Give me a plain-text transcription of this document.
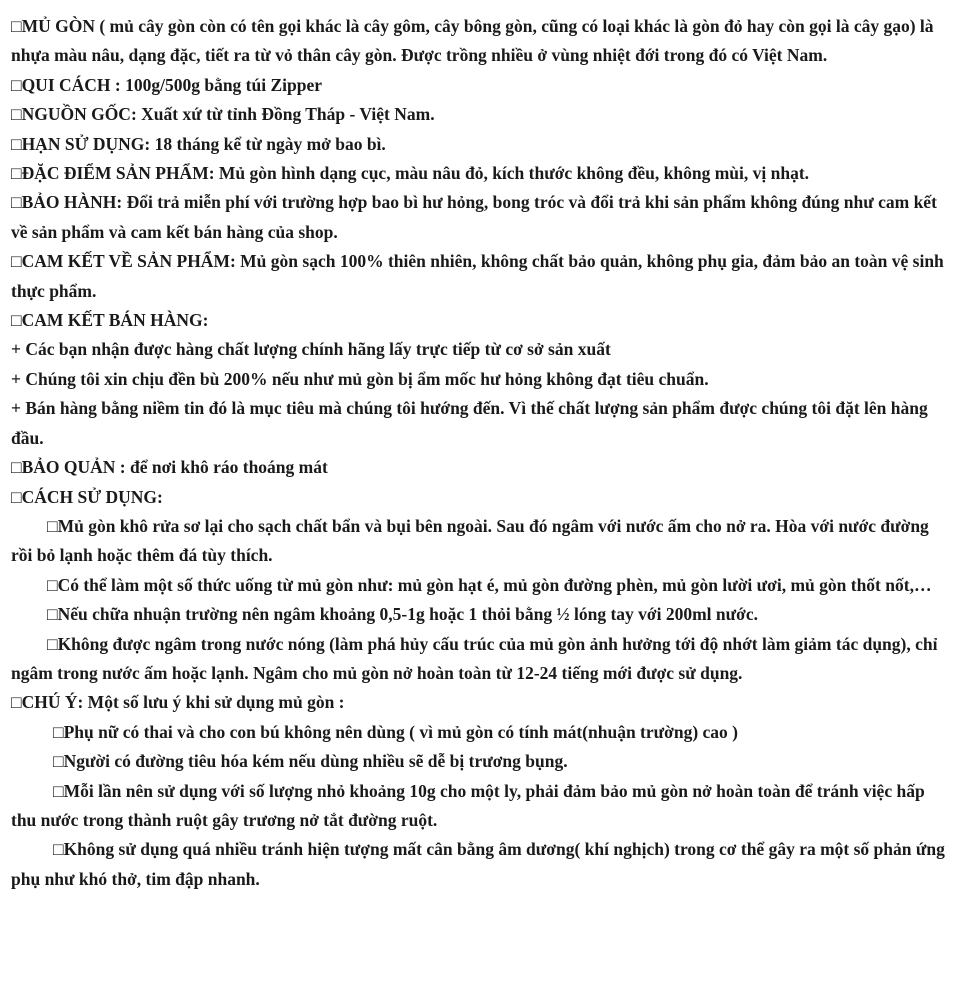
□MỦ GÒN ( mủ cây gòn còn có tên gọi khác là cây gôm, cây bông gòn, cũng có loại khác là gòn đỏ hay còn gọi là cây gạo) là nhựa màu nâu, dạng đặc, tiết ra từ vỏ thân cây gòn. Được trồng nhiều ở vùng nhiệt đới trong đó có Việt Nam.

□QUI CÁCH : 100g/500g bằng túi Zipper

□NGUỒN GỐC: Xuất xứ từ tỉnh Đồng Tháp - Việt Nam.

□HẠN SỬ DỤNG: 18 tháng kể từ ngày mở bao bì.

□ĐẶC ĐIỂM SẢN PHẨM: Mủ gòn hình dạng cục, màu nâu đỏ, kích thước không đều, không mùi, vị nhạt.

□BẢO HÀNH: Đổi trả miễn phí với trường hợp bao bì hư hỏng, bong tróc và đổi trả khi sản phẩm không đúng như cam kết về sản phẩm và cam kết bán hàng của shop.

□CAM KẾT VỀ SẢN PHẨM: Mủ gòn sạch 100% thiên nhiên, không chất bảo quản, không phụ gia, đảm bảo an toàn vệ sinh thực phẩm.

□CAM KẾT BÁN HÀNG:

+ Các bạn nhận được hàng chất lượng chính hãng lấy trực tiếp từ cơ sở sản xuất

+ Chúng tôi xin chịu đền bù 200% nếu như mủ gòn bị ẩm mốc hư hỏng không đạt tiêu chuẩn.

+ Bán hàng bằng niềm tin đó là mục tiêu mà chúng tôi hướng đến. Vì thế chất lượng sản phẩm được chúng tôi đặt lên hàng đầu.

□BẢO QUẢN : để nơi khô ráo thoáng mát

□CÁCH SỬ DỤNG:

□Mủ gòn khô rửa sơ lại cho sạch chất bẩn và bụi bên ngoài. Sau đó ngâm với nước ấm cho nở ra. Hòa với nước đường rồi bỏ lạnh hoặc thêm đá tùy thích.

□Có thể làm một số thức uống từ mủ gòn như: mủ gòn hạt é, mủ gòn đường phèn, mủ gòn lười ươi, mủ gòn thốt nốt,…

□Nếu chữa nhuận trường nên ngâm khoảng 0,5-1g hoặc 1 thỏi bằng ½ lóng tay với 200ml nước.

□Không được ngâm trong nước nóng (làm phá hủy cấu trúc của mủ gòn ảnh hưởng tới độ nhớt làm giảm tác dụng), chỉ ngâm trong nước ấm hoặc lạnh. Ngâm cho mủ gòn nở hoàn toàn từ 12-24 tiếng mới được sử dụng.

□CHÚ Ý: Một số lưu ý khi sử dụng mủ gòn :

□Phụ nữ có thai và cho con bú không nên dùng ( vì mủ gòn có tính mát(nhuận trường) cao )

□Người có đường tiêu hóa kém nếu dùng nhiều sẽ dễ bị trương bụng.

□Mỗi lần nên sử dụng với số lượng nhỏ khoảng 10g cho một ly, phải đảm bảo mủ gòn nở hoàn toàn để tránh việc hấp thu nước trong thành ruột gây trương nở tắt đường ruột.

□Không sử dụng quá nhiều tránh hiện tượng mất cân bằng âm dương( khí nghịch) trong cơ thể gây ra một số phản ứng phụ như khó thở, tim đập nhanh.
